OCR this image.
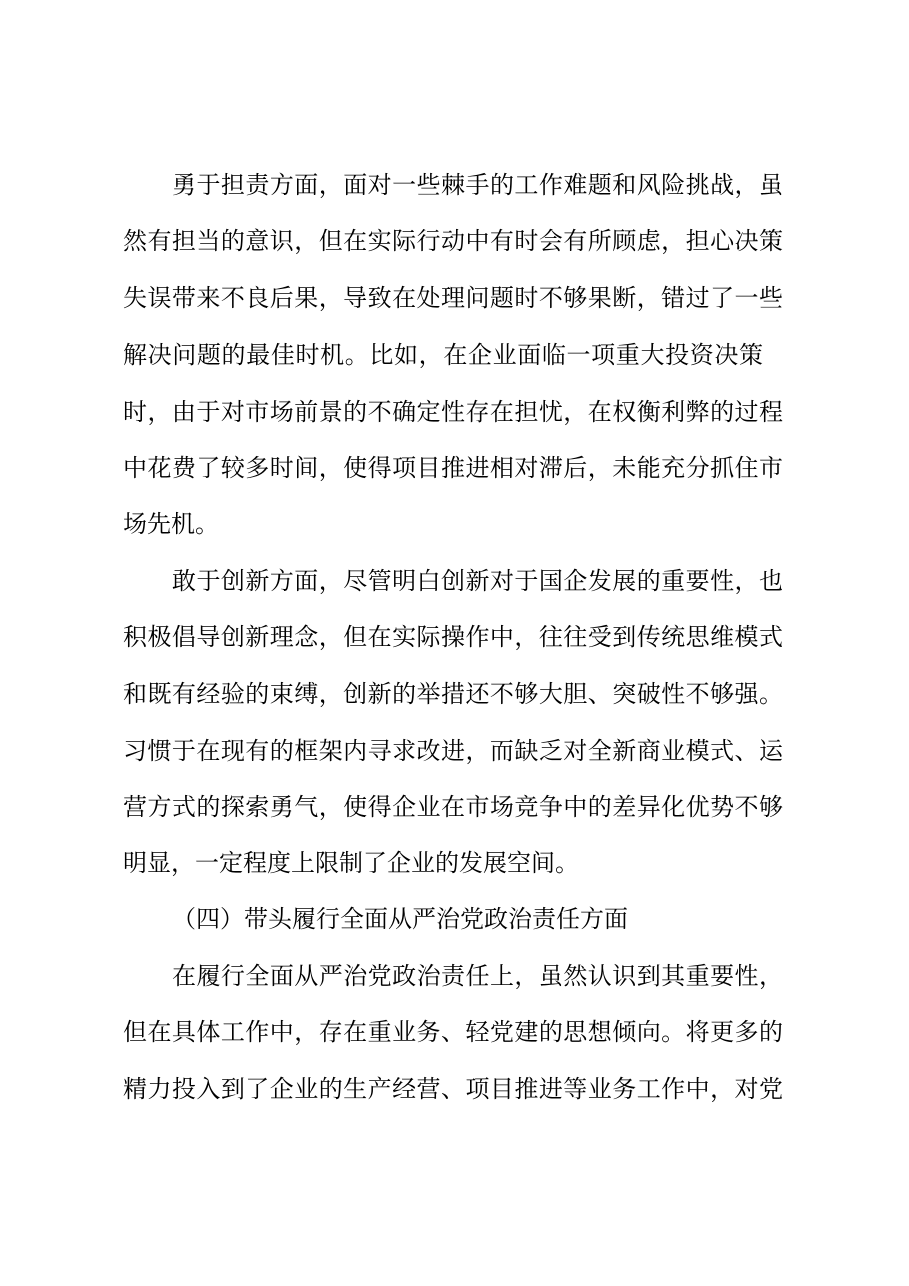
勇于担责方面，面对一些棘手的工作难题和风险挑战，虽
然有担当的意识，但在实际行动中有时会有所顾虑，担心决策
失误带来不良后果，导致在处理问题时不够果断，错过了一些
解决问题的最佳时机。比如，在企业面临一项重大投资决策
时，由于对市场前景的不确定性存在担忧，在权衡利弊的过程
中花费了较多时间，使得项目推进相对滞后，未能充分抓住市
场先机。
敢于创新方面，尽管明白创新对于国企发展的重要性，也
积极倡导创新理念，但在实际操作中，往往受到传统思维模式
和既有经验的束缚，创新的举措还不够大胆、突破性不够强。
习惯于在现有的框架内寻求改进，而缺乏对全新商业模式、运
营方式的探索勇气，使得企业在市场竞争中的差异化优势不够
明显，一定程度上限制了企业的发展空间。
（四）带头履行全面从严治党政治责任方面
在履行全面从严治党政治责任上，虽然认识到其重要性，
但在具体工作中，存在重业务、轻党建的思想倾向。将更多的
精力投入到了企业的生产经营、项目推进等业务工作中，对党
